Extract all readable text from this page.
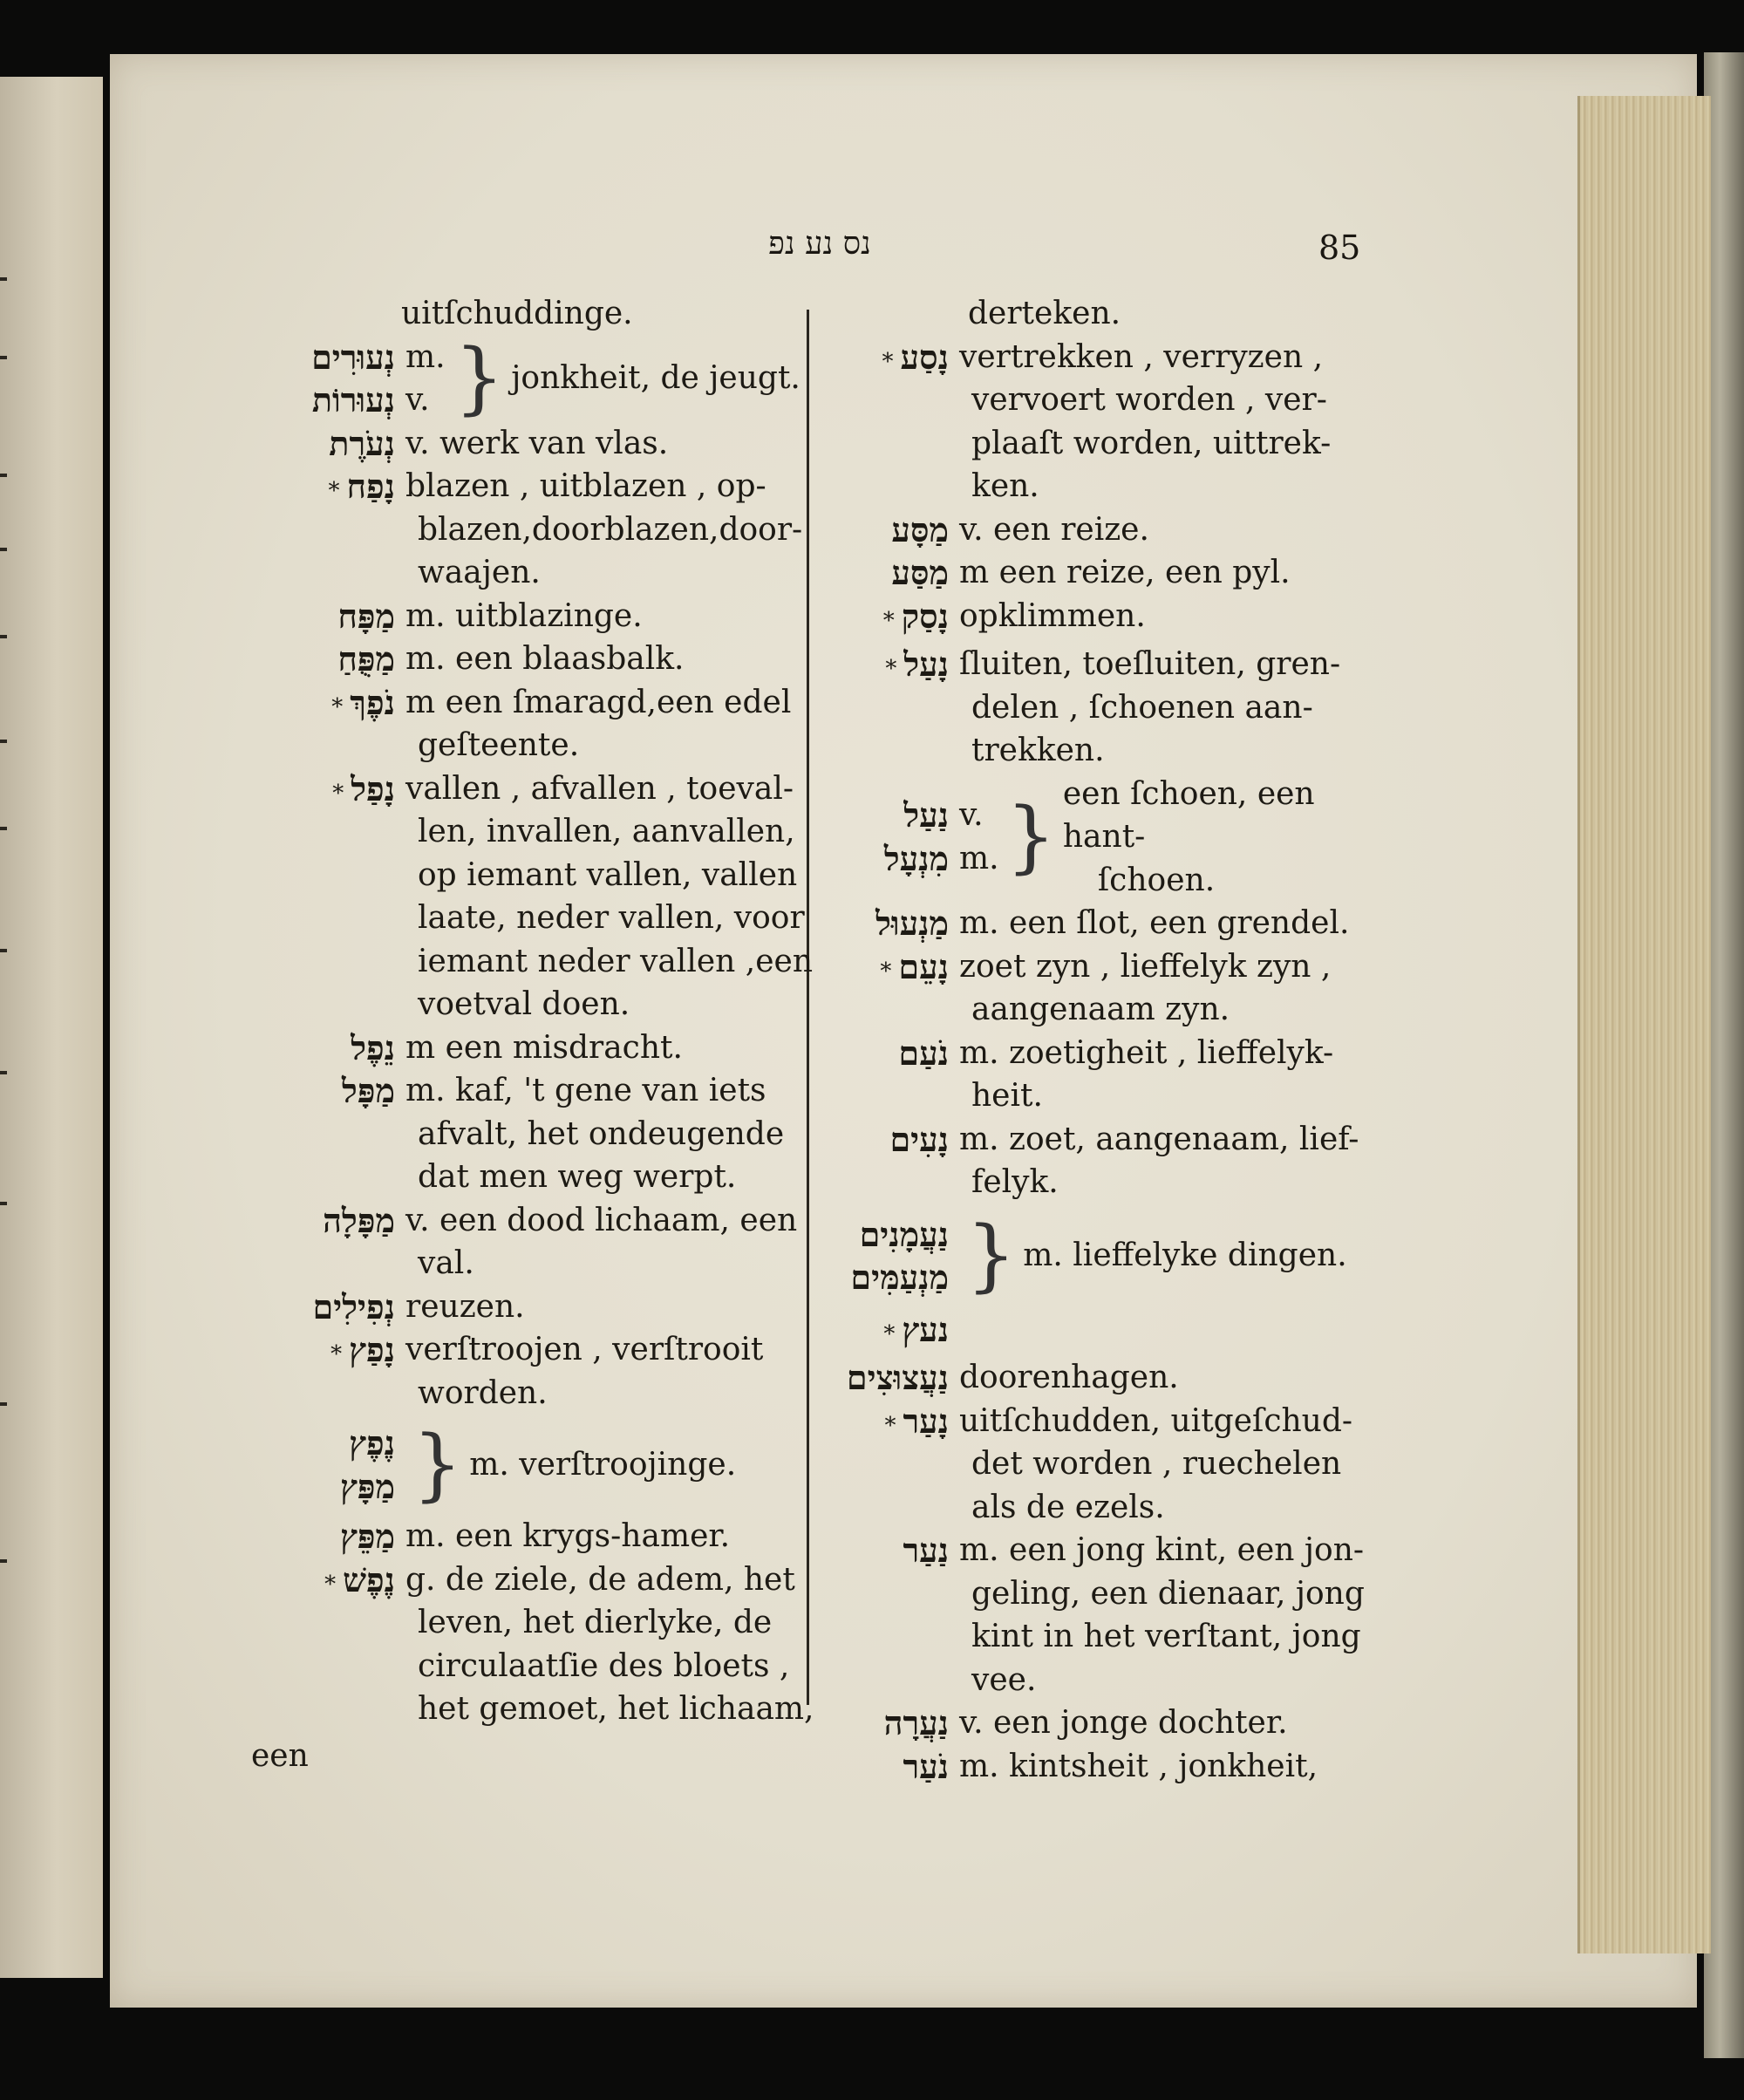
נס נע נפ	85
uitſchuddinge.
נְעוּרִים
נְעוּרוֹת
m.
v. } jonkheit, de jeugt.
נְעֹרֶת v. werk van vlas.
* נָפַח blazen , uitblazen , op-
blazen,doorblazen,door-
waajen.
מַפָּח m. uitblazinge.
מַפֻּחַ m. een blaasbalk.
* נֹפֶךְ m een ſmaragd,een edel
geſteente.
* נָפַל vallen , afvallen , toeval-
len, invallen, aanvallen,
op iemant vallen, vallen
laate, neder vallen, voor
iemant neder vallen ,een
voetval doen.
נֵפֶל m een misdracht.
מַפָּל m. kaf, 't gene van iets
afvalt, het ondeugende
dat men weg werpt.
מַפָּלָה v. een dood lichaam, een
val.
נְפִילִים reuzen.
* נָפַץ verſtroojen , verſtrooit
worden.
נֶפֶץ
מַפָּץ } m. verſtroojinge.
מַפֵּץ m. een krygs-hamer.
* נֶפֶשׁ g. de ziele, de adem, het
leven, het dierlyke, de
circulaatſie des bloets ,
het gemoet, het lichaam,
een
derteken.
* נָסַע vertrekken , verryzen ,
vervoert worden , ver-
plaaſt worden, uittrek-
ken.
מַסָּע v. een reize.
מַסַּע m een reize, een pyl.
* נָסַק opklimmen.
* נָעַל ſluiten, toeſluiten, gren-
delen , ſchoenen aan-
trekken.
נַעַל
מִנְעָל
v.
m. } een ſchoen, een hant-
ſchoen.
מַנְעוּל m. een ſlot, een grendel.
* נָעֵם zoet zyn , lieffelyk zyn ,
aangenaam zyn.
נֹעַם m. zoetigheit , lieffelyk-
heit.
נָעִים m. zoet, aangenaam, lief-
felyk.
נַעֲמָנִים
מַנְעַמִּים } m. lieffelyke dingen.
* נעץ
נַעֲצוּצִים doorenhagen.
* נָעַר uitſchudden, uitgeſchud-
det worden , ruechelen
als de ezels.
נַעַר m. een jong kint, een jon-
geling, een dienaar, jong
kint in het verſtant, jong
vee.
נַעֲרָה v. een jonge dochter.
נֹעַר m. kintsheit , jonkheit,
